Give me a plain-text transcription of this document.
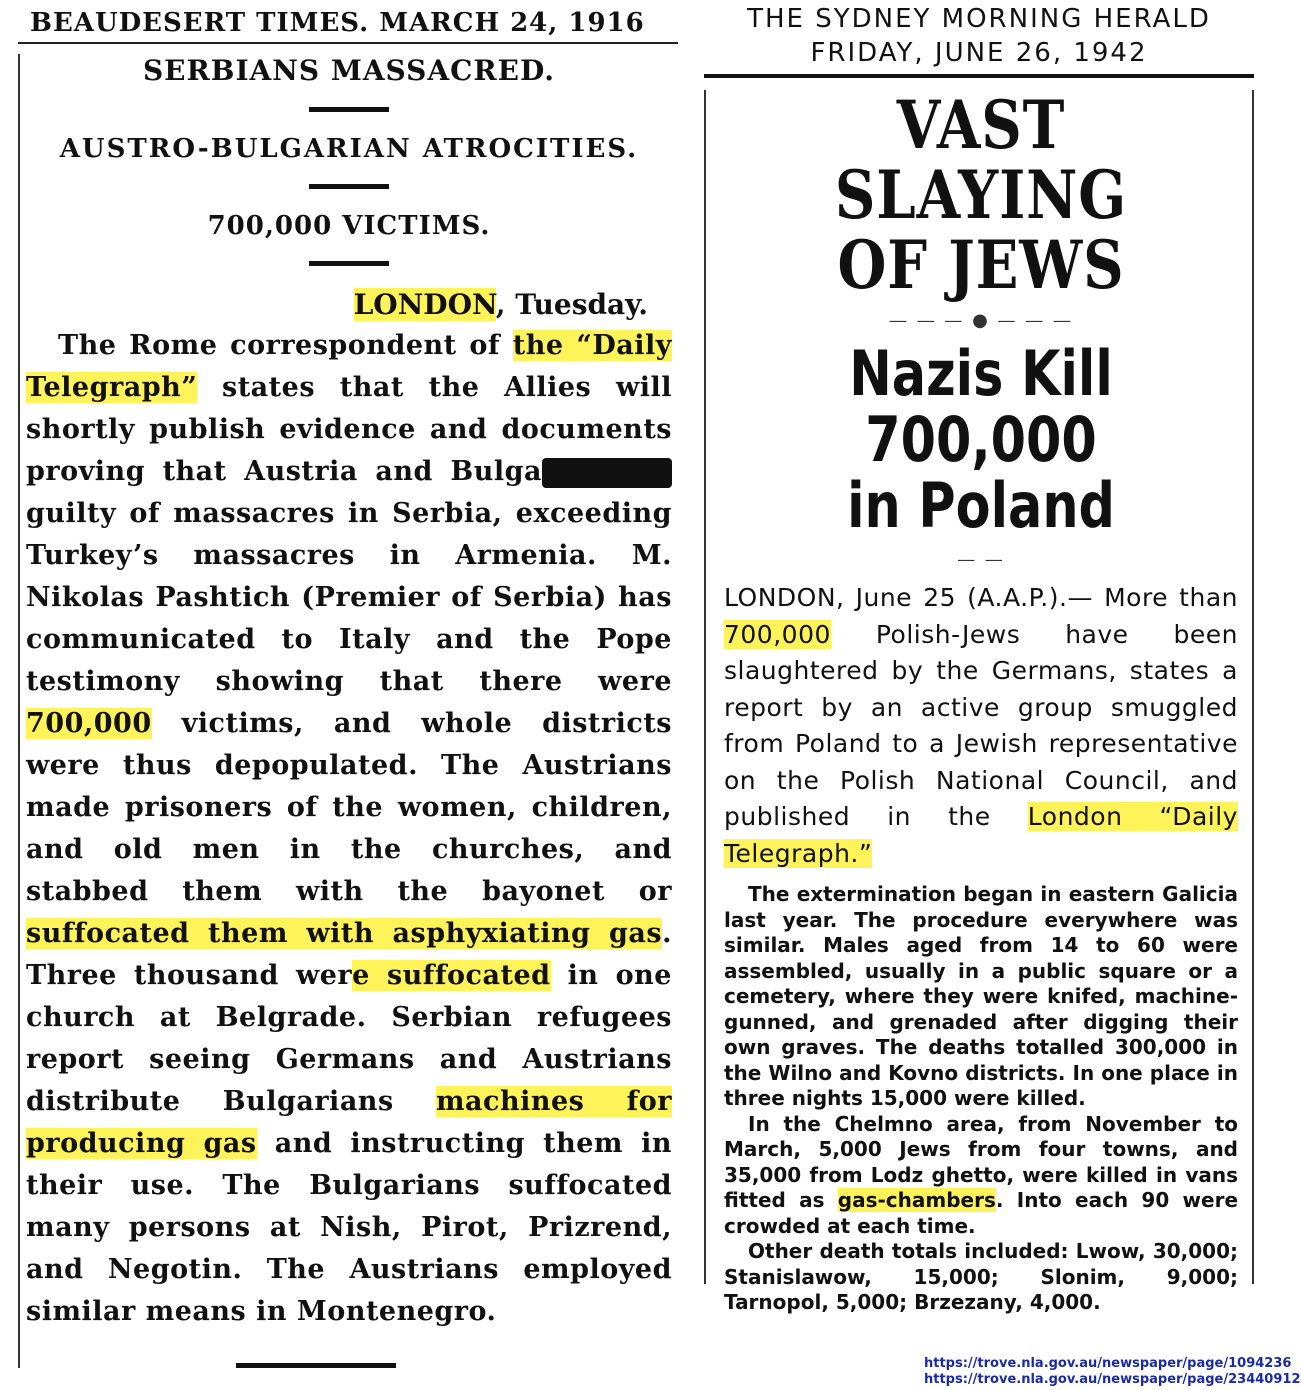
BEAUDESERT TIMES. MARCH 24, 1916

SERBIANS MASSACRED.

AUSTRO-BULGARIAN ATROCITIES.

700,000 VICTIMS.

LONDON, Tuesday.

The Rome correspondent of the “Daily Telegraph” states that the Allies will shortly publish evidence and documents proving that Austria and Bulga guilty of massacres in Serbia, exceeding Turkey’s massacres in Armenia. M. Nikolas Pashtich (Premier of Serbia) has communicated to Italy and the Pope testimony showing that there were 700,000 victims, and whole districts were thus depopulated. The Austrians made prisoners of the women, children, and old men in the churches, and stabbed them with the bayonet or suffocated them with asphyxiating gas. Three thousand were suffocated in one church at Belgrade. Serbian refugees report seeing Germans and Austrians distribute Bulgarians machines for producing gas and instructing them in their use. The Bulgarians suffocated many persons at Nish, Pirot, Prizrend, and Negotin. The Austrians employed similar means in Montenegro.

THE SYDNEY MORNING HERALD
FRIDAY, JUNE 26, 1942

VAST SLAYING

OF JEWS

— — — ● — — —

Nazis Kill 700,000

in Poland

— —

LONDON, June 25 (A.A.P.).— More than 700,000 Polish-Jews have been slaughtered by the Germans, states a report by an active group smuggled from Poland to a Jewish representative on the Polish National Council, and published in the London “Daily Telegraph.”

The extermination began in eastern Galicia last year. The procedure everywhere was similar. Males aged from 14 to 60 were assembled, usually in a public square or a cemetery, where they were knifed, machine-gunned, and grenaded after digging their own graves. The deaths totalled 300,000 in the Wilno and Kovno districts. In one place in three nights 15,000 were killed.

In the Chelmno area, from November to March, 5,000 Jews from four towns, and 35,000 from Lodz ghetto, were killed in vans fitted as gas-chambers. Into each 90 were crowded at each time.

Other death totals included: Lwow, 30,000; Stanislawow, 15,000; Slonim, 9,000; Tarnopol, 5,000; Brzezany, 4,000.

https://trove.nla.gov.au/newspaper/page/1094236
https://trove.nla.gov.au/newspaper/page/23440912
